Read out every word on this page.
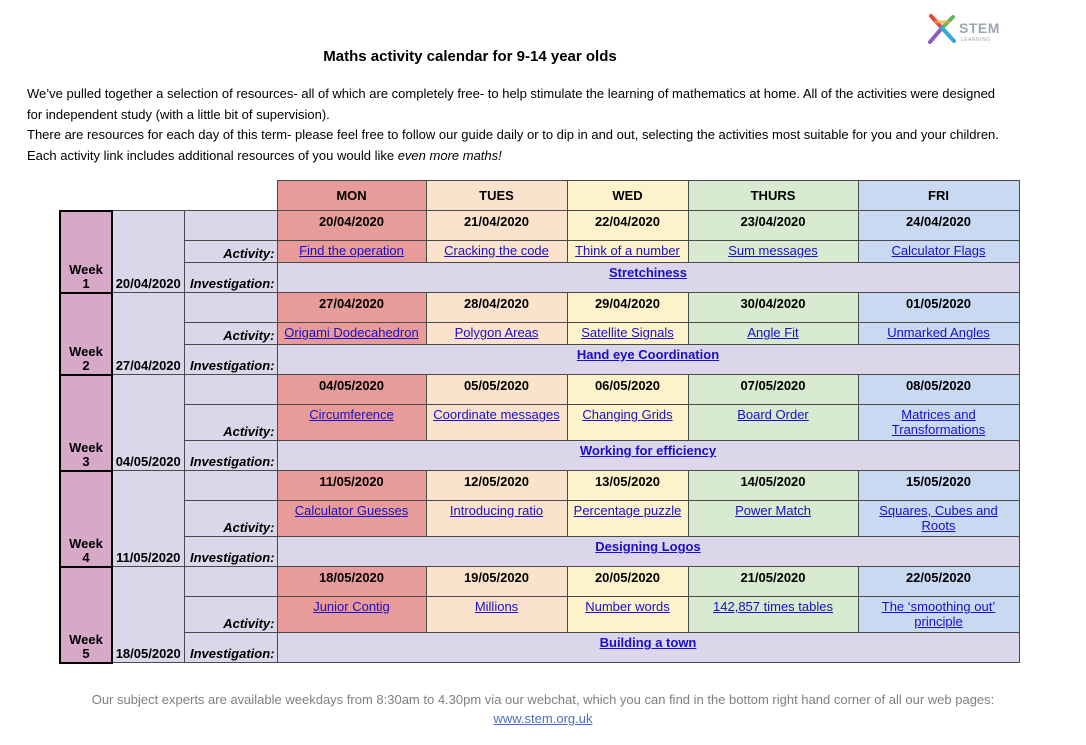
STEM
LEARNING
Maths activity calendar for 9-14 year olds

We’ve pulled together a selection of resources- all of which are completely free- to help stimulate the learning of mathematics at home. All of the activities were designed

for independent study (with a little bit of supervision).

There are resources for each day of this term- please feel free to follow our guide daily or to dip in and out, selecting the activities most suitable for you and your children.

Each activity link includes additional resources of you would like even more maths!

			MON	TUES	WED	THURS	FRI
Week
1	20/04/2020		20/04/2020	21/04/2020	22/04/2020	23/04/2020	24/04/2020
		Activity:	Find the operation	Cracking the code	Think of a number	Sum messages	Calculator Flags
		Investigation:	Stretchiness				
Week
2	27/04/2020		27/04/2020	28/04/2020	29/04/2020	30/04/2020	01/05/2020
		Activity:	Origami Dodecahedron	Polygon Areas	Satellite Signals	Angle Fit	Unmarked Angles
		Investigation:	Hand eye Coordination				
Week
3	04/05/2020		04/05/2020	05/05/2020	06/05/2020	07/05/2020	08/05/2020
		Activity:	Circumference	Coordinate messages	Changing Grids	Board Order	Matrices and Transformations
		Investigation:	Working for efficiency				
Week
4	11/05/2020		11/05/2020	12/05/2020	13/05/2020	14/05/2020	15/05/2020
		Activity:	Calculator Guesses	Introducing ratio	Percentage puzzle	Power Match	Squares, Cubes and Roots
		Investigation:	Designing Logos				
Week
5	18/05/2020		18/05/2020	19/05/2020	20/05/2020	21/05/2020	22/05/2020
		Activity:	Junior Contig	Millions	Number words	142,857 times tables	The ‘smoothing out’ principle
		Investigation:	Building a town				
Our subject experts are available weekdays from 8:30am to 4.30pm via our webchat, which you can find in the bottom right hand corner of all our web pages:
www.stem.org.uk
